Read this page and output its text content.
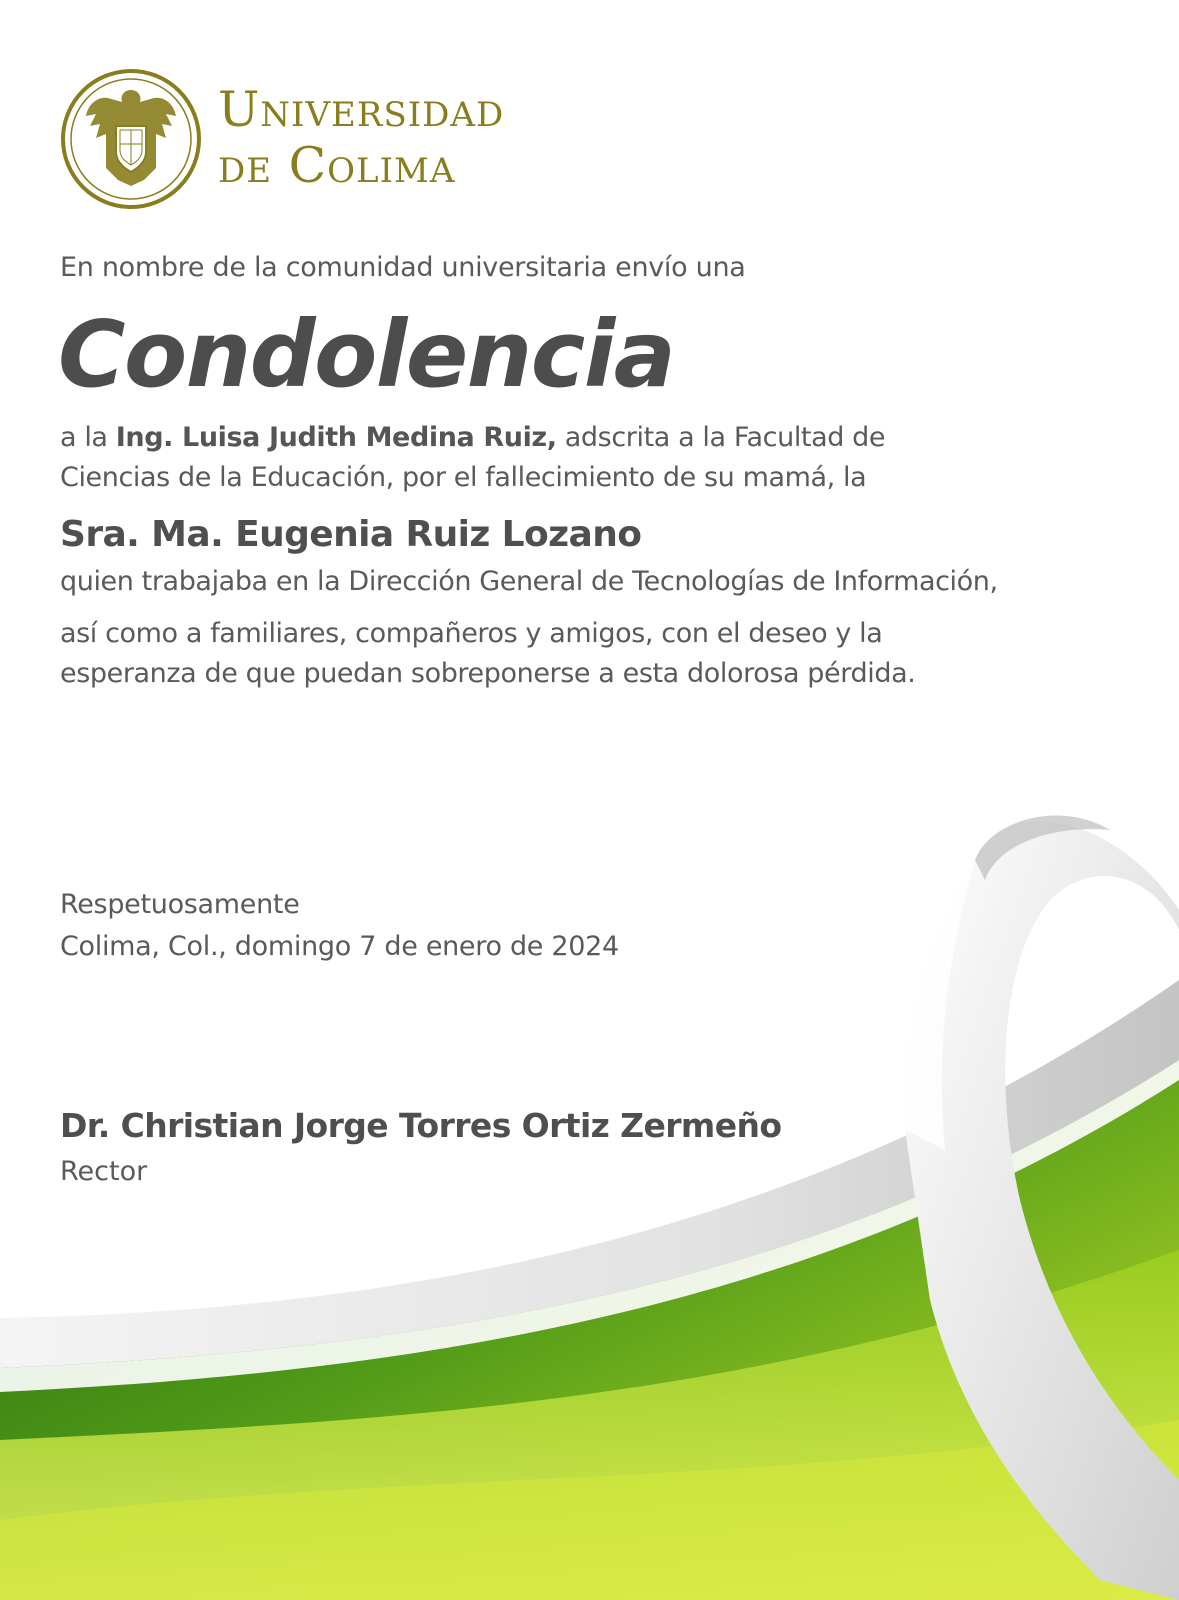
Universidad
de Colima
En nombre de la comunidad universitaria envío una
Condolencia
a la Ing. Luisa Judith Medina Ruiz, adscrita a la Facultad de
Ciencias de la Educación, por el fallecimiento de su mamá, la
Sra. Ma. Eugenia Ruiz Lozano
quien trabajaba en la Dirección General de Tecnologías de Información,
así como a familiares, compañeros y amigos, con el deseo y la
esperanza de que puedan sobreponerse a esta dolorosa pérdida.
Respetuosamente
Colima, Col., domingo 7 de enero de 2024
Dr. Christian Jorge Torres Ortiz Zermeño
Rector
